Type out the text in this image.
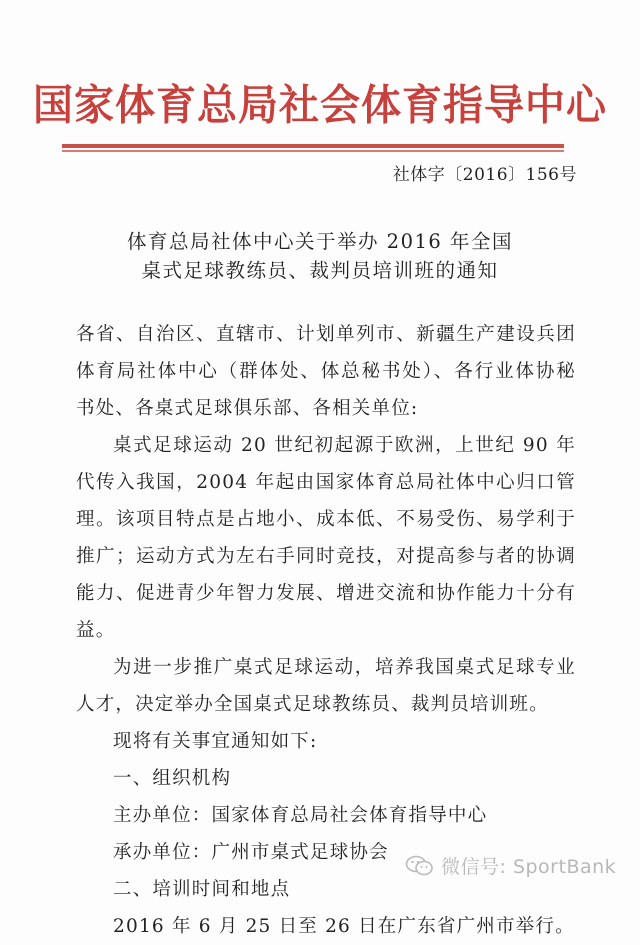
国家体育总局社会体育指导中心
社体字〔2016〕156号
体育总局社体中心关于举办 2016 年全国
桌式足球教练员、裁判员培训班的通知

各省、自治区、直辖市、计划单列市、新疆生产建设兵团体育局社体中心（群体处、体总秘书处）、各行业体协秘书处、各桌式足球俱乐部、各相关单位:

桌式足球运动 20 世纪初起源于欧洲，上世纪 90 年代传入我国，2004 年起由国家体育总局社体中心归口管理。该项目特点是占地小、成本低、不易受伤、易学利于推广；运动方式为左右手同时竞技，对提高参与者的协调能力、促进青少年智力发展、增进交流和协作能力十分有益。

为进一步推广桌式足球运动，培养我国桌式足球专业人才，决定举办全国桌式足球教练员、裁判员培训班。

现将有关事宜通知如下:

一、组织机构

主办单位：国家体育总局社会体育指导中心

承办单位：广州市桌式足球协会

二、培训时间和地点

2016 年 6 月 25 日至 26 日在广东省广州市举行。

微信号: SportBank
